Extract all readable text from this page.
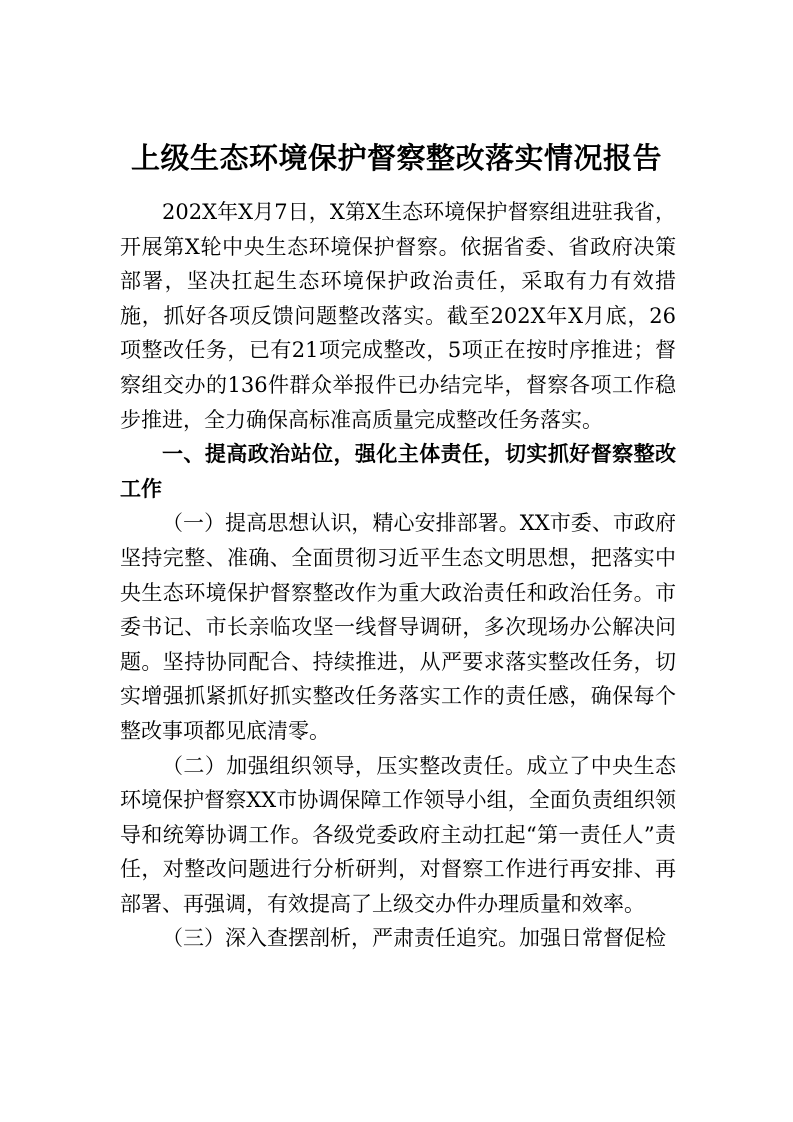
上级生态环境保护督察整改落实情况报告

202X年X月7日，X第X生态环境保护督察组进驻我省，开展第X轮中央生态环境保护督察。依据省委、省政府决策部署，坚决扛起生态环境保护政治责任，采取有力有效措施，抓好各项反馈问题整改落实。截至202X年X月底，26项整改任务，已有21项完成整改，5项正在按时序推进；督察组交办的136件群众举报件已办结完毕，督察各项工作稳步推进，全力确保高标准高质量完成整改任务落实。

一、提高政治站位，强化主体责任，切实抓好督察整改工作

（一）提高思想认识，精心安排部署。XX市委、市政府坚持完整、准确、全面贯彻习近平生态文明思想，把落实中央生态环境保护督察整改作为重大政治责任和政治任务。市委书记、市长亲临攻坚一线督导调研，多次现场办公解决问题。坚持协同配合、持续推进，从严要求落实整改任务，切实增强抓紧抓好抓实整改任务落实工作的责任感，确保每个整改事项都见底清零。

（二）加强组织领导，压实整改责任。成立了中央生态环境保护督察XX市协调保障工作领导小组，全面负责组织领导和统筹协调工作。各级党委政府主动扛起“第一责任人”责任，对整改问题进行分析研判，对督察工作进行再安排、再部署、再强调，有效提高了上级交办件办理质量和效率。

（三）深入查摆剖析，严肃责任追究。加强日常督促检
